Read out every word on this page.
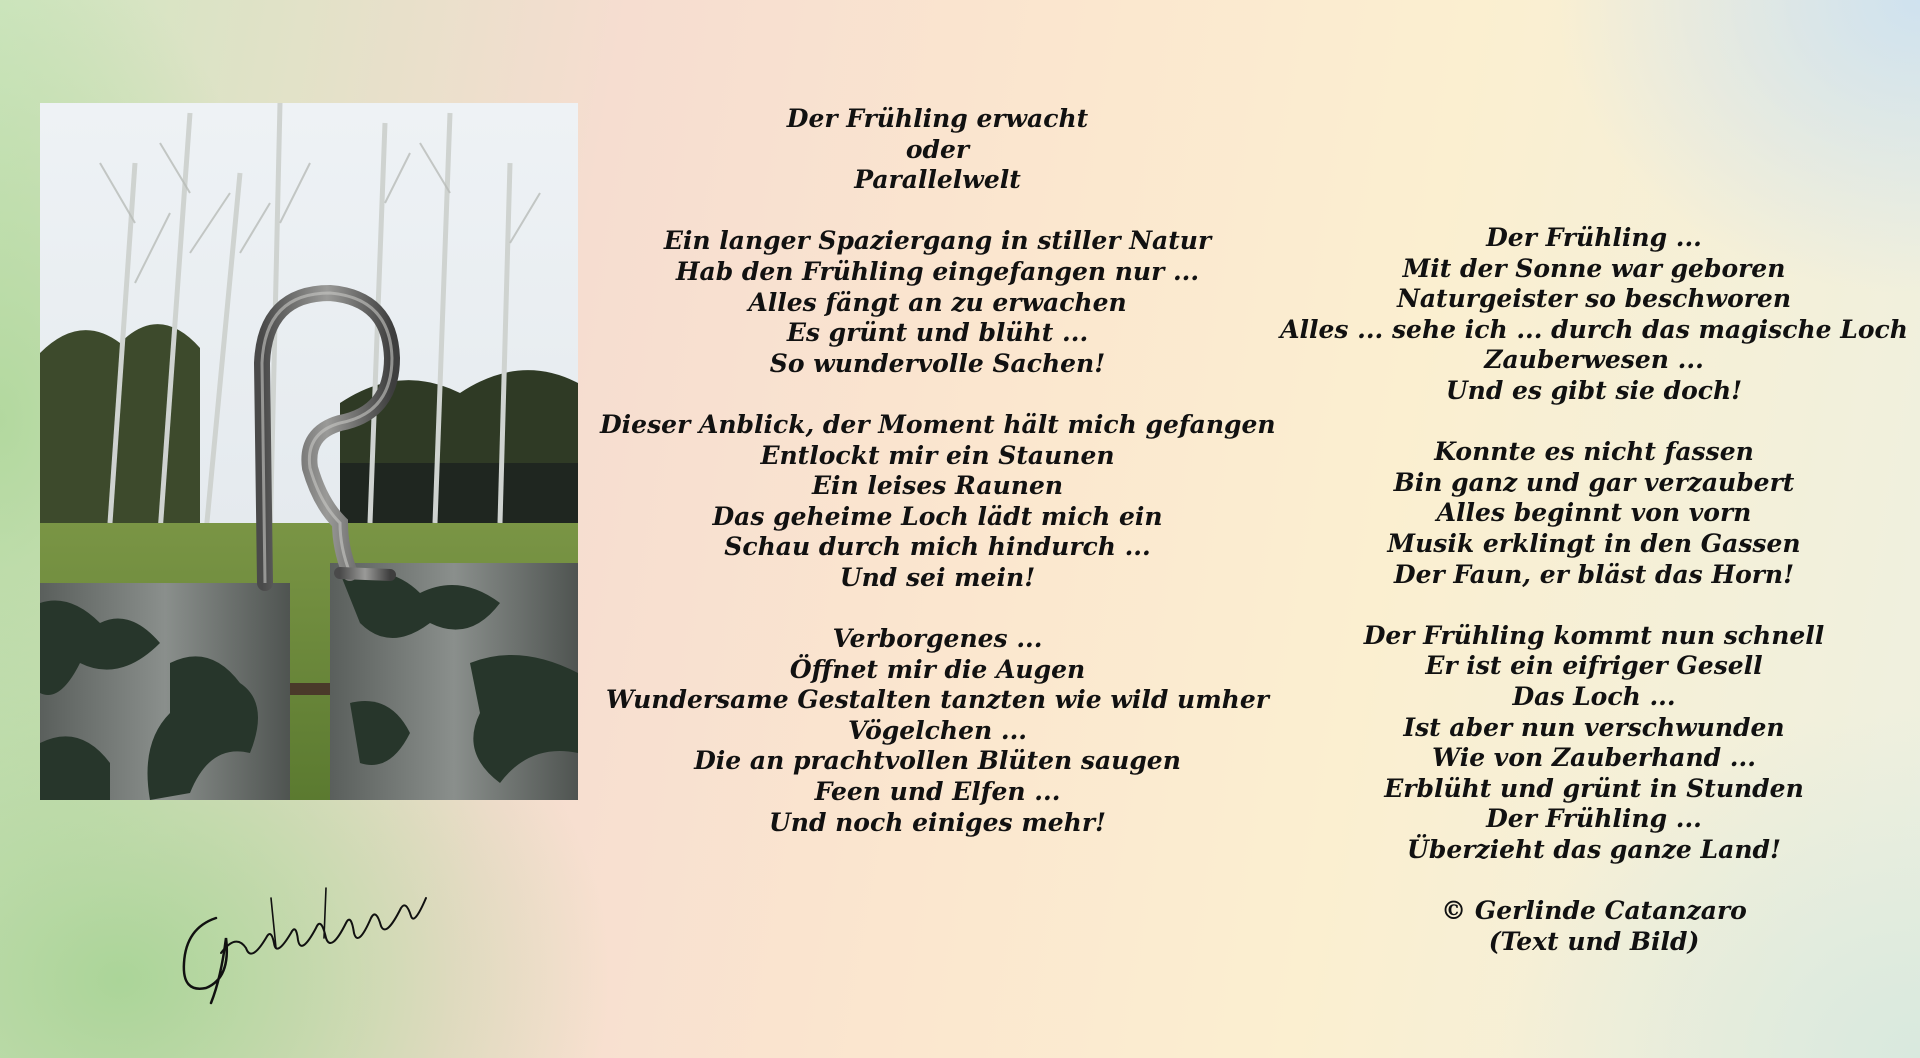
Der Frühling erwacht
oder
Parallelwelt
Ein langer Spaziergang in stiller Natur
Hab den Frühling eingefangen nur ...
Alles fängt an zu erwachen
Es grünt und blüht ...
So wundervolle Sachen!
Dieser Anblick, der Moment hält mich gefangen
Entlockt mir ein Staunen
Ein leises Raunen
Das geheime Loch lädt mich ein
Schau durch mich hindurch ...
Und sei mein!
Verborgenes ...
Öffnet mir die Augen
Wundersame Gestalten tanzten wie wild umher
Vögelchen ...
Die an prachtvollen Blüten saugen
Feen und Elfen ...
Und noch einiges mehr!
Der Frühling ...
Mit der Sonne war geboren
Naturgeister so beschworen
Alles ... sehe ich ... durch das magische Loch
Zauberwesen ...
Und es gibt sie doch!
Konnte es nicht fassen
Bin ganz und gar verzaubert
Alles beginnt von vorn
Musik erklingt in den Gassen
Der Faun, er bläst das Horn!
Der Frühling kommt nun schnell
Er ist ein eifriger Gesell
Das Loch ...
Ist aber nun verschwunden
Wie von Zauberhand ...
Erblüht und grünt in Stunden
Der Frühling ...
Überzieht das ganze Land!
© Gerlinde Catanzaro
(Text und Bild)
